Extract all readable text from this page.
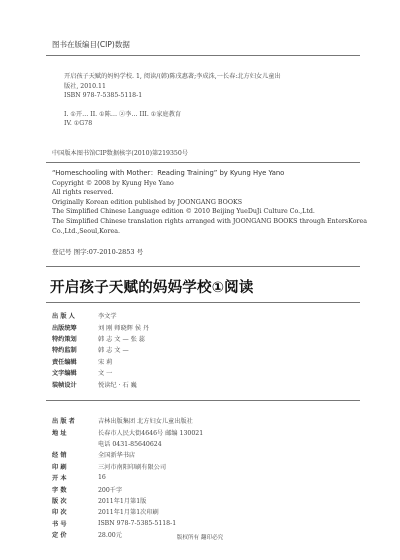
图书在版编目(CIP)数据

开启孩子天赋的妈妈学校. 1, 阅读/(韩)陈戌惠著;李成洙,一长春:北方妇女儿童出

版社, 2010.11

ISBN 978-7-5385-5118-1

I. ①开… II. ①陈… ②李… III. ①家庭教育

IV. ①G78

中国版本图书馆CIP数据核字(2010)第219350号

“Homeschooling with Mother：Reading Training” by Kyung Hye Yano

Copyright © 2008 by Kyung Hye Yano

All rights reserved.

Originally Korean edition published by JOONGANG BOOKS

The Simplified Chinese Language edition © 2010 Beijing YueDuJi Culture Co.,Ltd.

The Simplified Chinese translation rights arranged with JOONGANG BOOKS through EntersKorea

Co.,Ltd.,Seoul,Korea.

登记号 图字:07-2010-2853 号
开启孩子天赋的妈妈学校①阅读
出 版 人	李文学
出版统筹	刘 刚 师晓辉 侯 丹
特约策划	韩 志 文 — 张 蕊
特约监制	韩 志 文 —
责任编辑	宋 莉
文字编辑	文 一
装帧设计	悦读纪 · 石 巍
出 版 者	吉林出版集团 北方妇女儿童出版社
地 址	长春市人民大街4646号 邮编 130021
电话 0431-85640624
经 销	全国新华书店
印 刷	三河市南阳印刷有限公司
开 本	16
字 数	200千字
版 次	2011年1月第1版
印 次	2011年1月第1次印刷
书 号	ISBN 978-7-5385-5118-1
定 价	28.00元	版权所有 翻印必究
